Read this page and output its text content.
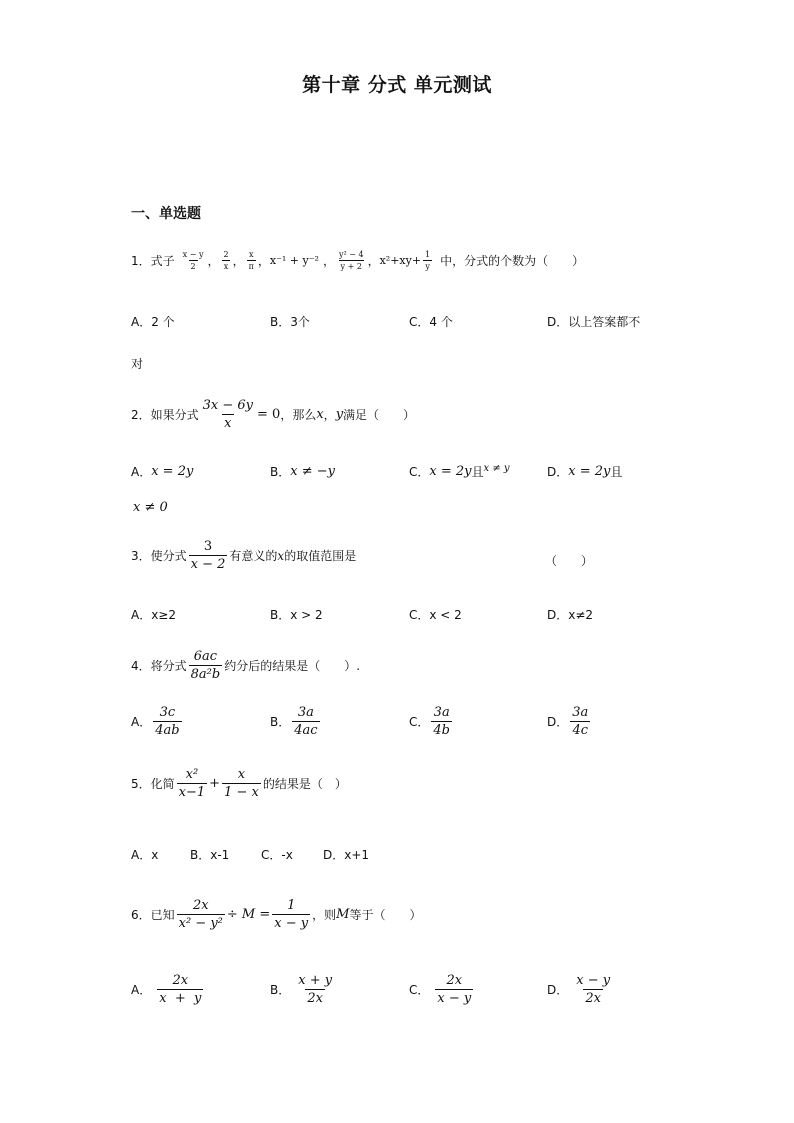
第十章 分式 单元测试
一、单选题
1．式子 x − y
2 ， 2
x ， x
π ， x⁻¹ + y⁻² ， y² − 4
y + 2 ， $x^2+xy+ \frac{1}{y}$ 中，分式的个数为（　　）
A．2 个	B．3个	C．4 个	D．以上答案都不
对
2．如果分式 $\frac{3x - 6y}{x} = 0$ ，那么 x ， y 满足（　　）
A． x = 2y	B． x ≠ −y	C． x = 2y 且 x ≠ y	D． x = 2y 且
x ≠ 0
3．使分式
3
x − 2
有意义的 x 的取值范围是	（　　）
A．x≥2	B．x > 2	C．x < 2	D．x≠2
4．将分式
6ac
8a²b
约分后的结果是（　　）.
A．
3c
4ab
B．
3a
4ac
C．
3a
4b
D．
3a
4c
5．化简
x²
x−1
+ $\frac{x}{1 - x}$ 的结果是（　）
A．x	B．x-1	C．-x	D．x+1
6．已知 $\frac{2x}{\text{x² − y²}} \div M = \frac{1}{x - y}$ ，则 M 等于（　　）
A．
2x
x  +  y
B．
x + y
2x
C．
2x
x − y
D．
x − y
2x
